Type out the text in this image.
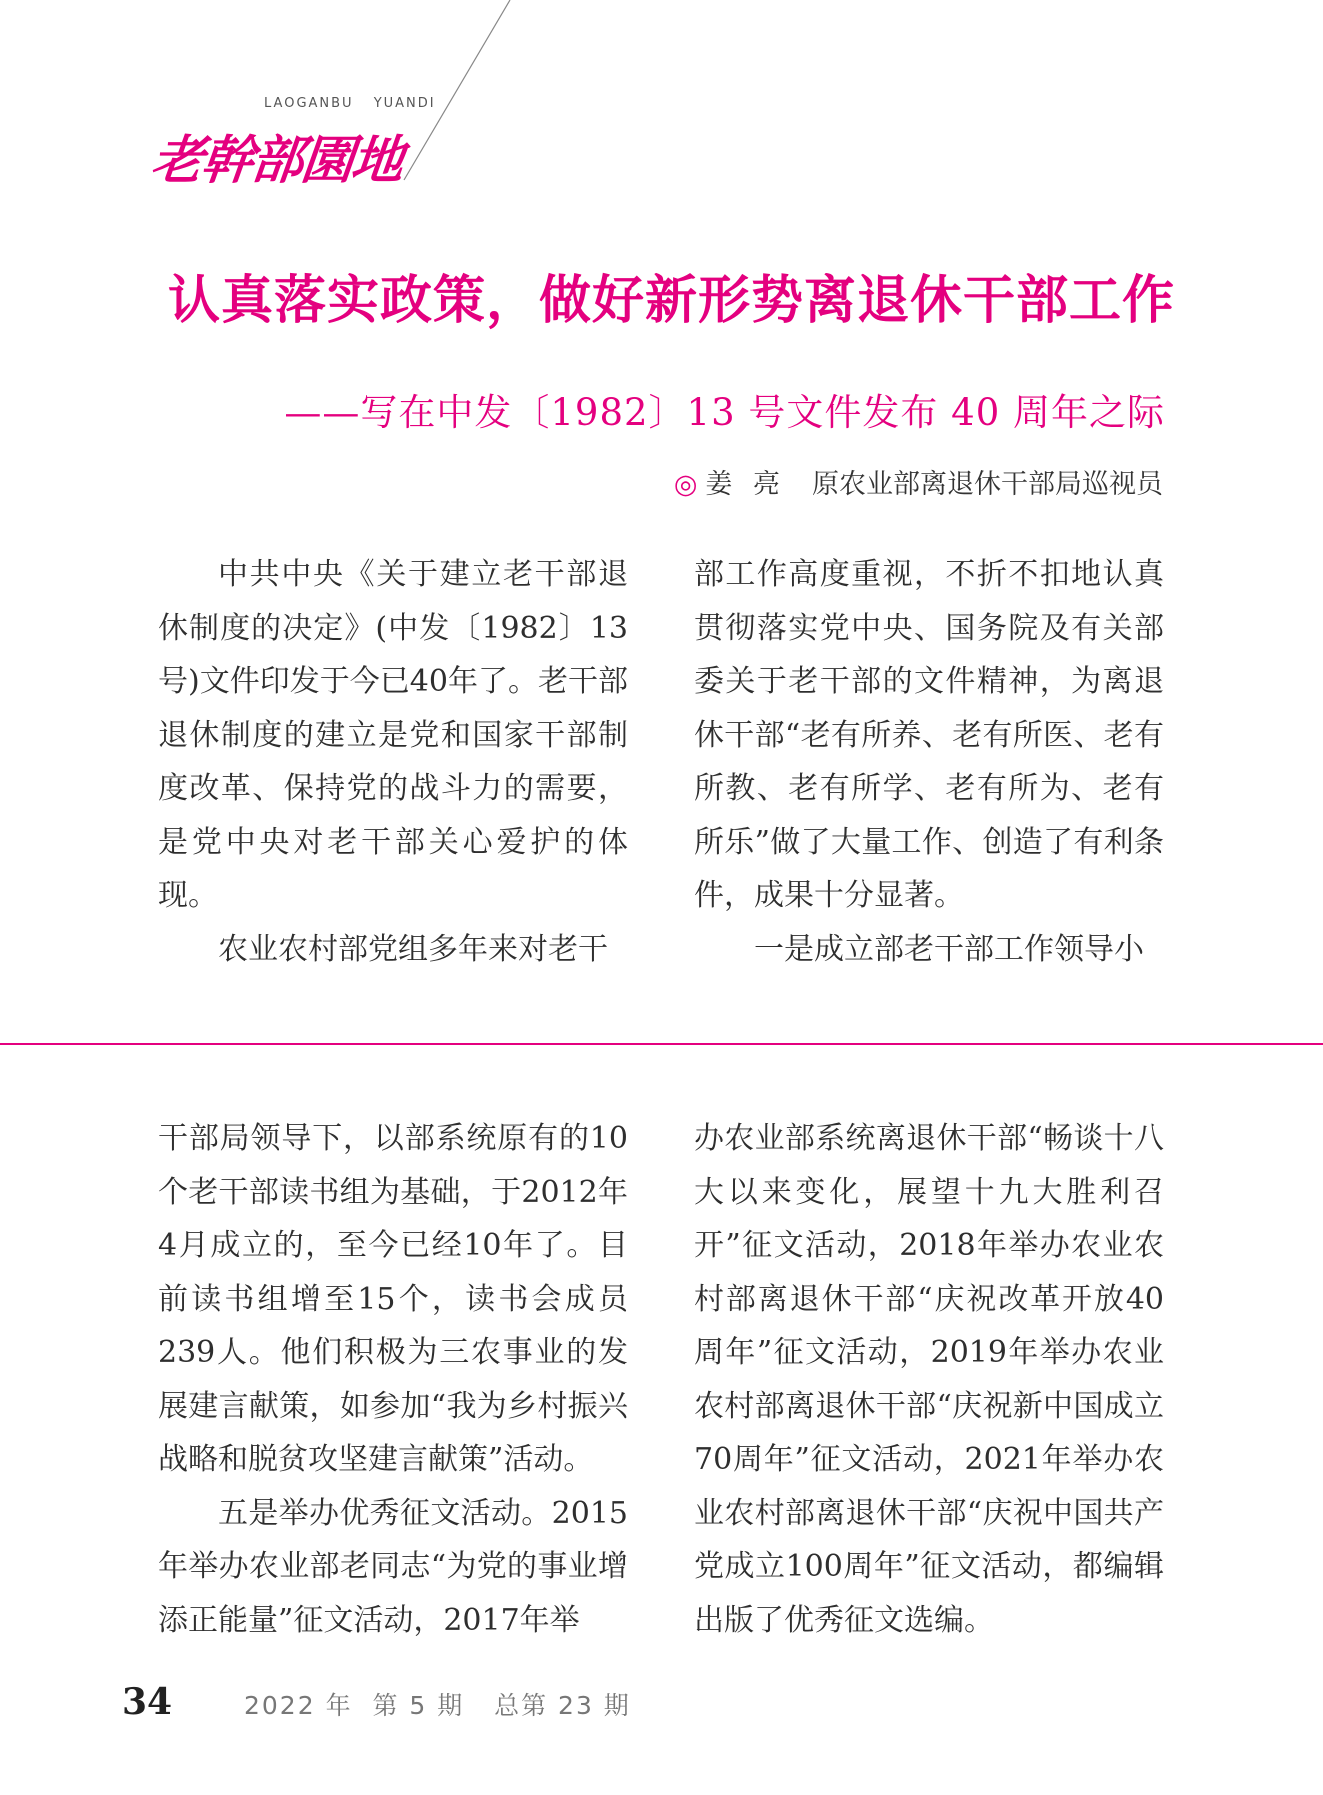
LAOGANBU YUANDI
老幹部園地
认真落实政策，做好新形势离退休干部工作
——写在中发〔1982〕13 号文件发布 40 周年之际
◎ 姜 亮 原农业部离退休干部局巡视员

中共中央《关于建立老干部退休制度的决定》(中发〔1982〕13号)文件印发于今已40年了。老干部退休制度的建立是党和国家干部制度改革、保持党的战斗力的需要，是党中央对老干部关心爱护的体现。

农业农村部党组多年来对老干

部工作高度重视，不折不扣地认真贯彻落实党中央、国务院及有关部委关于老干部的文件精神，为离退休干部“老有所养、老有所医、老有所教、老有所学、老有所为、老有所乐”做了大量工作、创造了有利条件，成果十分显著。

一是成立部老干部工作领导小

干部局领导下，以部系统原有的10个老干部读书组为基础，于2012年4月成立的，至今已经10年了。目前读书组增至15个，读书会成员239人。他们积极为三农事业的发展建言献策，如参加“我为乡村振兴战略和脱贫攻坚建言献策”活动。

五是举办优秀征文活动。2015年举办农业部老同志“为党的事业增添正能量”征文活动，2017年举

办农业部系统离退休干部“畅谈十八大以来变化，展望十九大胜利召开”征文活动，2018年举办农业农村部离退休干部“庆祝改革开放40周年”征文活动，2019年举办农业农村部离退休干部“庆祝新中国成立70周年”征文活动，2021年举办农业农村部离退休干部“庆祝中国共产党成立100周年”征文活动，都编辑出版了优秀征文选编。

34	2022 年  第 5 期   总第 23 期
